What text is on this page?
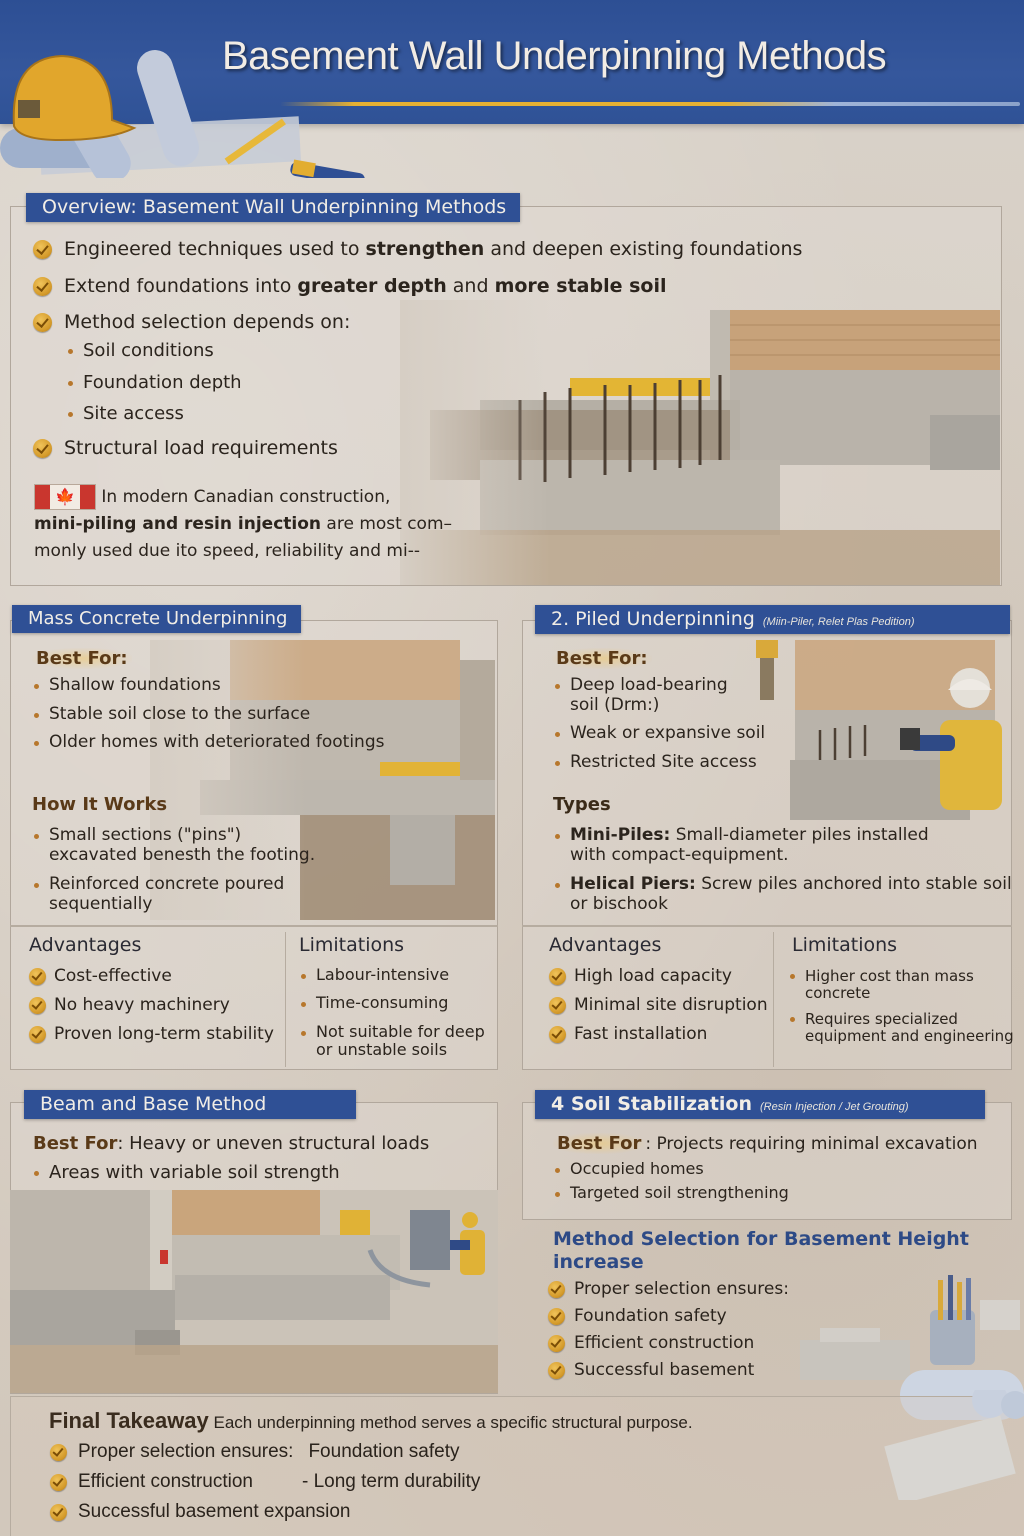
Basement Wall Underpinning Methods
Overview: Basement Wall Underpinning Methods
Engineered techniques used to strengthen and deepen existing foundations
Extend foundations into greater depth and more stable soil
Method selection depends on:
Soil conditions
Foundation depth
Site access
Structural load requirements
🍁 In modern Canadian construction,
mini-piling and resin injection are most com–
monly used due ito speed, reliability and mi--
Mass Concrete Underpinning
Best For:
Shallow foundations
Stable soil close to the surface
Older homes with deteriorated footings
How It Works
Small sections ("pins")
excavated benesth the footing.
Reinforced concrete poured
sequentially
Advantages
Cost-effective
No heavy machinery
Proven long-term stability
Limitations
Labour-intensive
Time-consuming
Not suitable for deep
or unstable soils
2. Piled Underpinning (Miin-Piler, Relet Plas Pedition)
Best For:
Deep load-bearing
soil (Drm:)
Weak or expansive soil
Restricted Site access
Types
Mini-Piles: Small-diameter piles installed
with compact-equipment.
Helical Piers: Screw piles anchored into stable soil
or bischook
Advantages
High load capacity
Minimal site disruption
Fast installation
Limitations
Higher cost than mass
concrete
Requires specialized
equipment and engineering
Beam and Base Method
Best For: Heavy or uneven structural loads
Areas with variable soil strength
4 Soil Stabilization (Resin Injection / Jet Grouting)
Best For : Projects requiring minimal excavation
Occupied homes
Targeted soil strengthening
Method Selection for Basement Height
increase
Proper selection ensures:
Foundation safety
Efficient construction
Successful basement
Final Takeaway Each underpinning method serves a specific structural purpose.
Proper selection ensures: Foundation safety
Efficient construction	- Long term durability
Successful basement expansion
